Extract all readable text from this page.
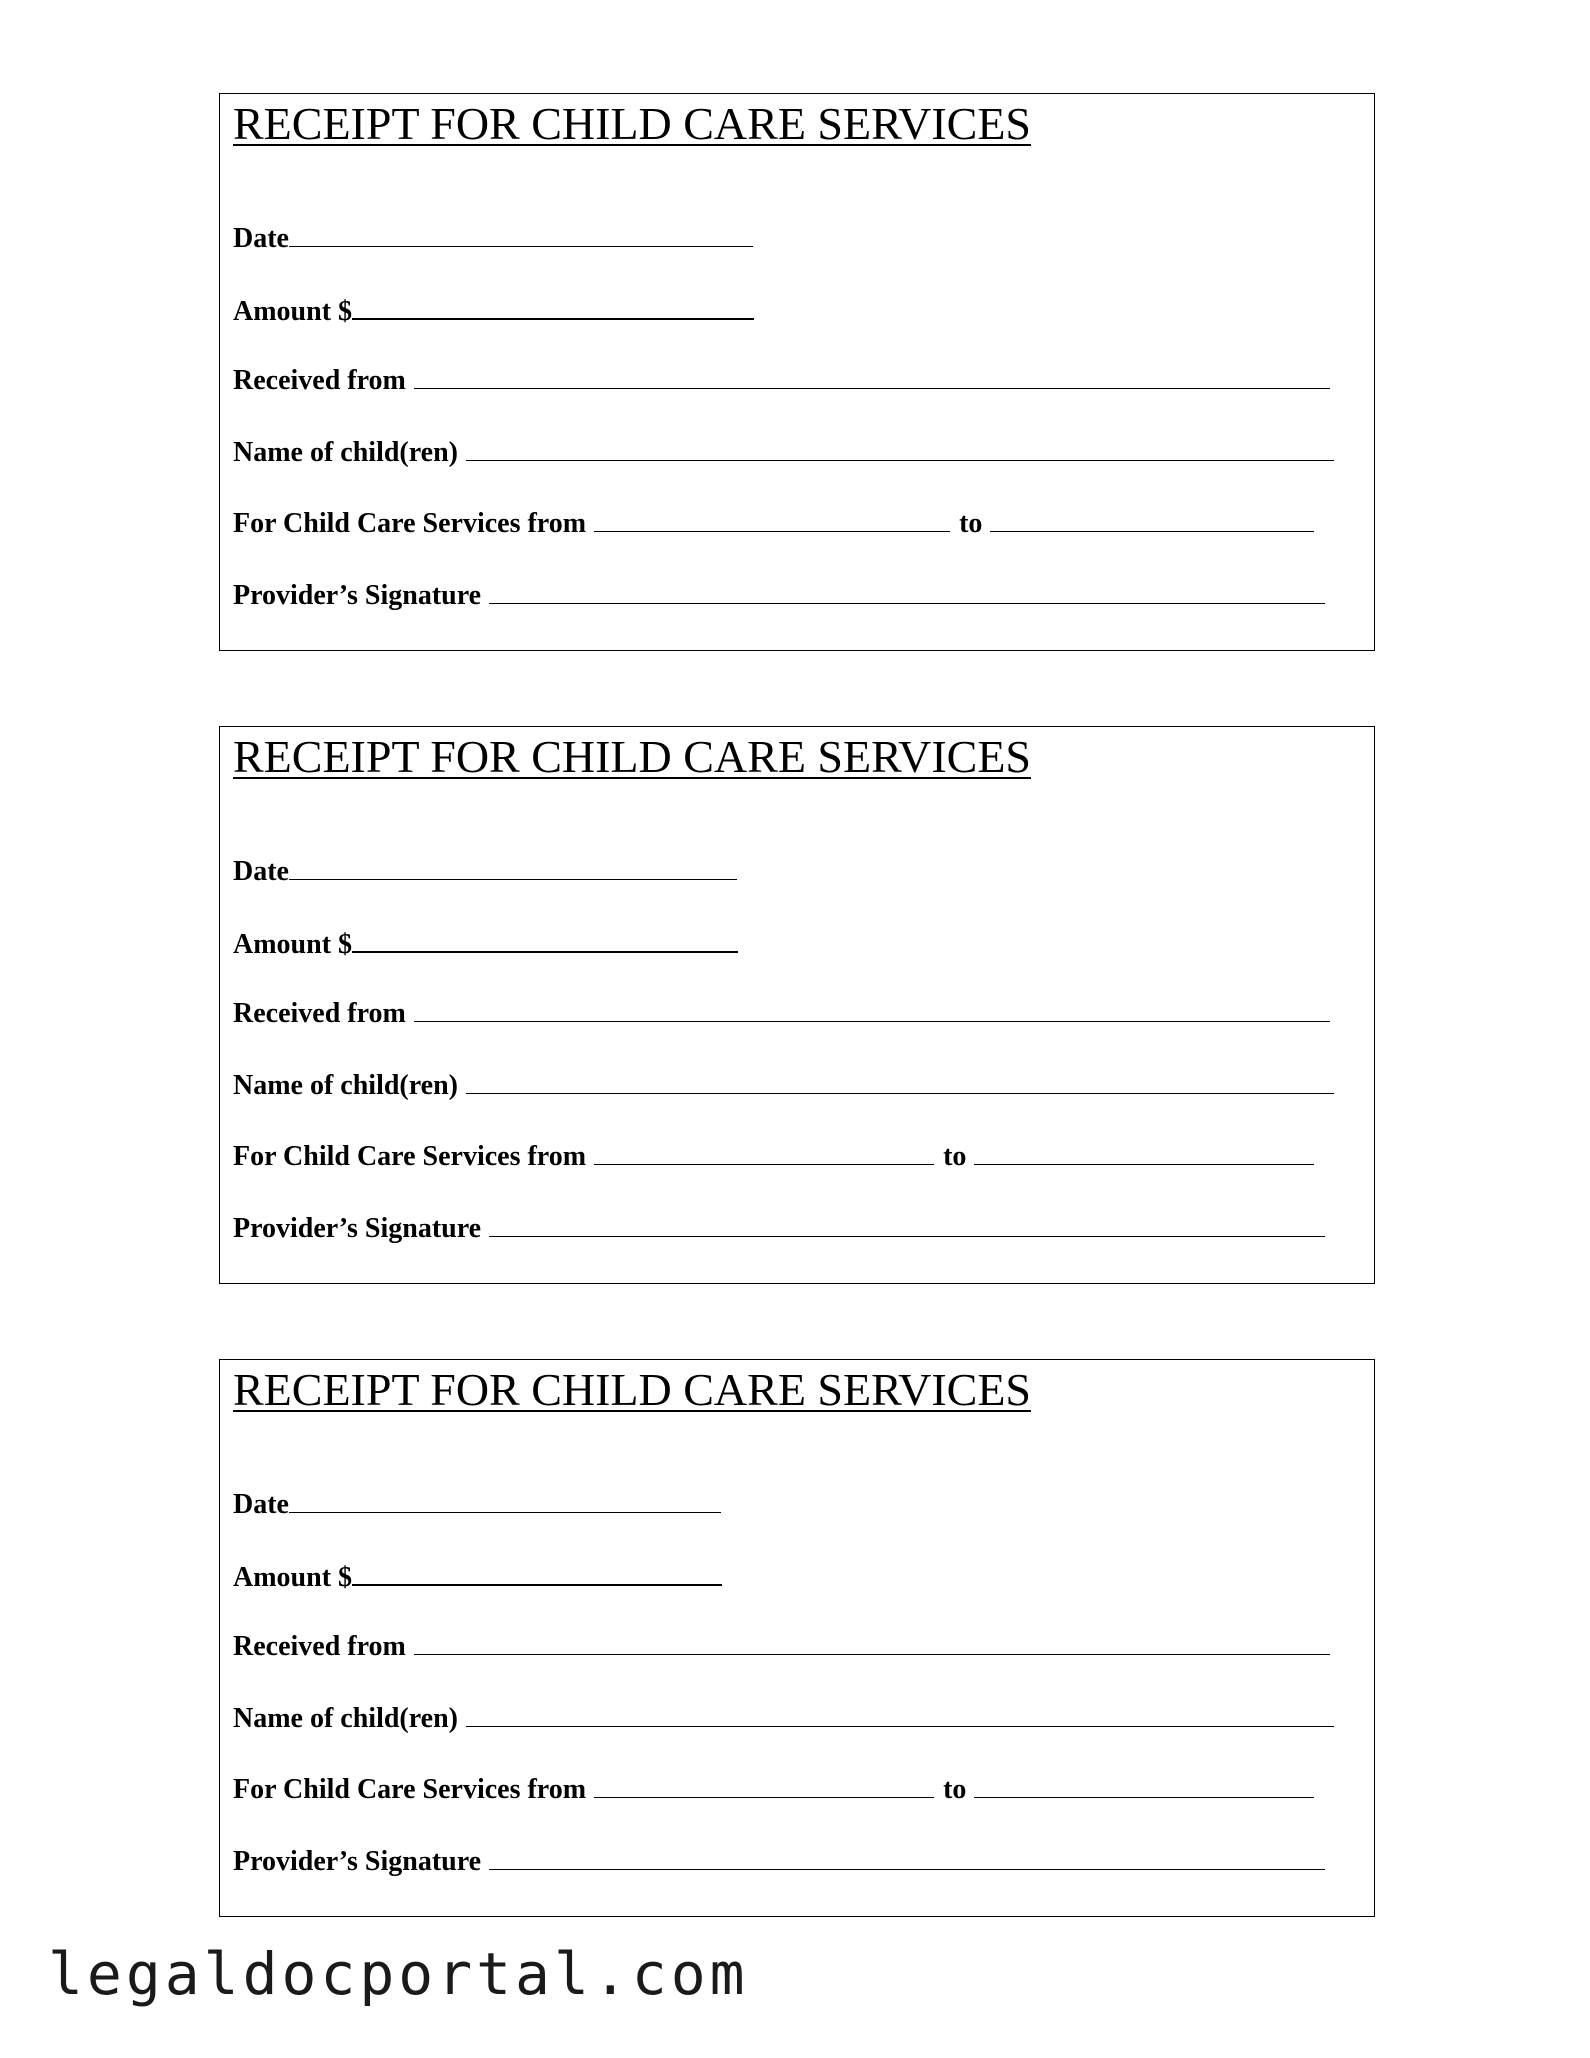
RECEIPT FOR CHILD CARE SERVICES
Date
Amount $
Received from
Name of child(ren)
For Child Care Services from	to
Provider’s Signature
RECEIPT FOR CHILD CARE SERVICES
Date
Amount $
Received from
Name of child(ren)
For Child Care Services from	to
Provider’s Signature
RECEIPT FOR CHILD CARE SERVICES
Date
Amount $
Received from
Name of child(ren)
For Child Care Services from	to
Provider’s Signature
legaldocportal.com
